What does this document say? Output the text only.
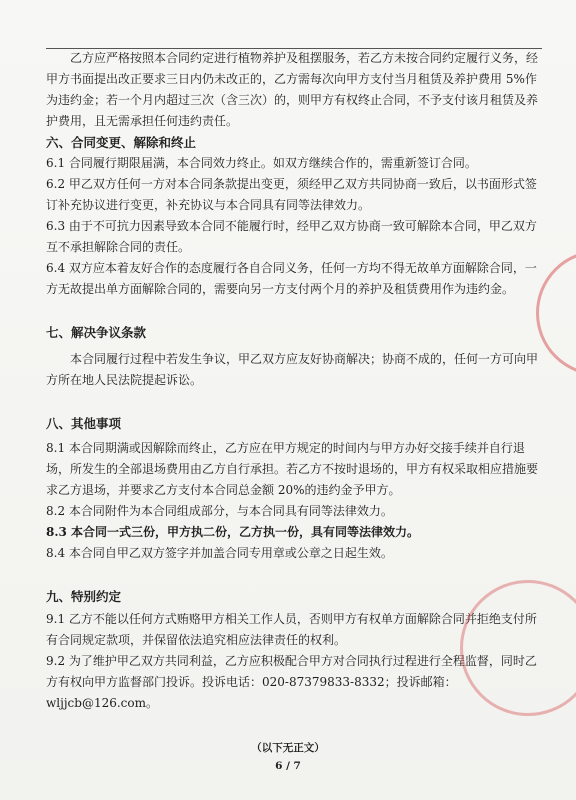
乙方应严格按照本合同约定进行植物养护及租摆服务，若乙方未按合同约定履行义务，经甲方书面提出改正要求三日内仍未改正的，乙方需每次向甲方支付当月租赁及养护费用 5%作为违约金；若一个月内超过三次（含三次）的，则甲方有权终止合同，不予支付该月租赁及养护费用，且无需承担任何违约责任。

六、合同变更、解除和终止

6.1 合同履行期限届满，本合同效力终止。如双方继续合作的，需重新签订合同。

6.2 甲乙双方任何一方对本合同条款提出变更，须经甲乙双方共同协商一致后，以书面形式签订补充协议进行变更，补充协议与本合同具有同等法律效力。

6.3 由于不可抗力因素导致本合同不能履行时，经甲乙双方协商一致可解除本合同，甲乙双方互不承担解除合同的责任。

6.4 双方应本着友好合作的态度履行各自合同义务，任何一方均不得无故单方面解除合同，一方无故提出单方面解除合同的，需要向另一方支付两个月的养护及租赁费用作为违约金。

七、解决争议条款

本合同履行过程中若发生争议，甲乙双方应友好协商解决；协商不成的，任何一方可向甲方所在地人民法院提起诉讼。

八、其他事项

8.1 本合同期满或因解除而终止，乙方应在甲方规定的时间内与甲方办好交接手续并自行退场，所发生的全部退场费用由乙方自行承担。若乙方不按时退场的，甲方有权采取相应措施要求乙方退场，并要求乙方支付本合同总金额 20%的违约金予甲方。

8.2 本合同附件为本合同组成部分，与本合同具有同等法律效力。

8.3 本合同一式三份，甲方执二份，乙方执一份，具有同等法律效力。

8.4 本合同自甲乙双方签字并加盖合同专用章或公章之日起生效。

九、特别约定

9.1 乙方不能以任何方式贿赂甲方相关工作人员，否则甲方有权单方面解除合同并拒绝支付所有合同规定款项，并保留依法追究相应法律责任的权利。

9.2 为了维护甲乙双方共同利益，乙方应积极配合甲方对合同执行过程进行全程监督，同时乙方有权向甲方监督部门投诉。投诉电话：020-87379833-8332；投诉邮箱：wljjcb@126.com。

（以下无正文）
6 / 7
